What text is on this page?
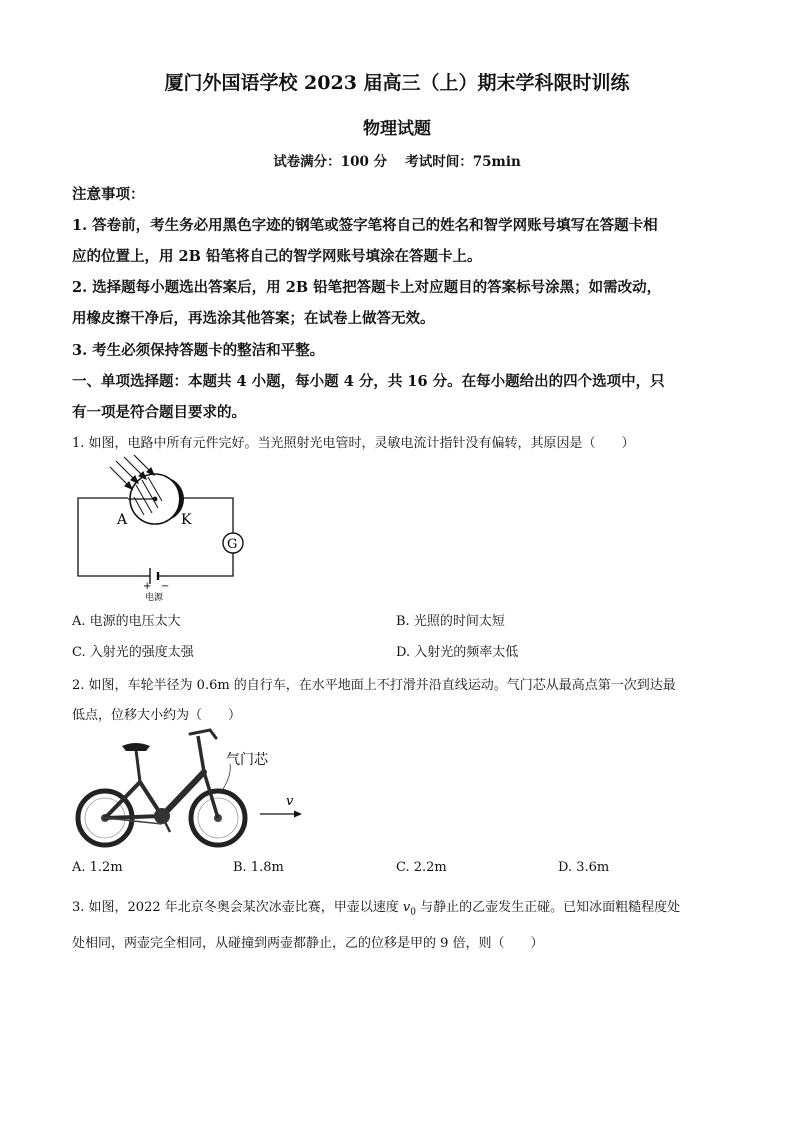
厦门外国语学校 2023 届高三（上）期末学科限时训练
物理试题
试卷满分：100 分　 考试时间：75min
注意事项：
1. 答卷前，考生务必用黑色字迹的钢笔或签字笔将自己的姓名和智学网账号填写在答题卡相
应的位置上，用 2B 铅笔将自己的智学网账号填涂在答题卡上。
2. 选择题每小题选出答案后，用 2B 铅笔把答题卡上对应题目的答案标号涂黑；如需改动，
用橡皮擦干净后，再选涂其他答案；在试卷上做答无效。
3. 考生必须保持答题卡的整洁和平整。
一、单项选择题：本题共 4 小题，每小题 4 分，共 16 分。在每小题给出的四个选项中，只
有一项是符合题目要求的。
1. 如图，电路中所有元件完好。当光照射光电管时，灵敏电流计指针没有偏转，其原因是（　　）
+ −
电源
A	K
G
A. 电源的电压太大	B. 光照的时间太短
C. 入射光的强度太强	D. 入射光的频率太低
2. 如图，车轮半径为 0.6m 的自行车，在水平地面上不打滑并沿直线运动。气门芯从最高点第一次到达最
低点，位移大小约为（　　）
气门芯
v
A. 1.2m	B. 1.8m	C. 2.2m	D. 3.6m
3. 如图，2022 年北京冬奥会某次冰壶比赛，甲壶以速度 $v_0$ 与静止的乙壶发生正碰。已知冰面粗糙程度处
处相同，两壶完全相同，从碰撞到两壶都静止，乙的位移是甲的 9 倍，则（　　）
